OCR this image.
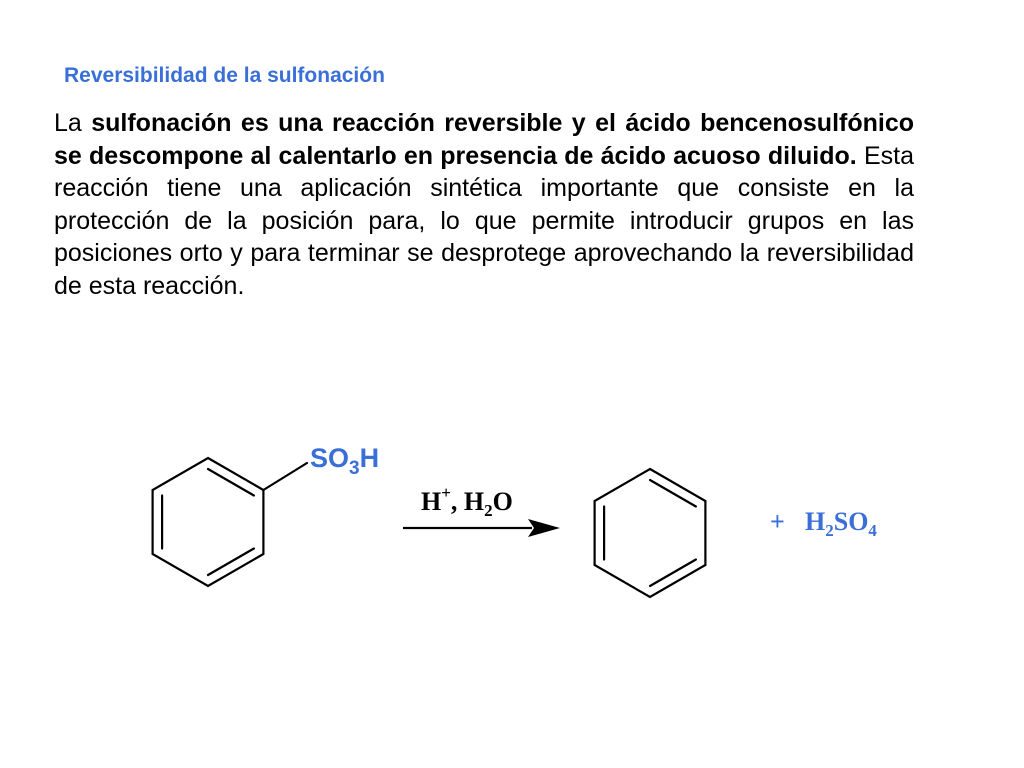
Reversibilidad de la sulfonación
La sulfonación es una reacción reversible y el ácido bencenosulfónico se descompone al calentarlo en presencia de ácido acuoso diluido. Esta reacción tiene una aplicación sintética importante que consiste en la protección de la posición para, lo que permite introducir grupos en las posiciones orto y para terminar se desprotege aprovechando la reversibilidad de esta reacción.
$SO_3H$
H+, $H_2O$
+ $H_2SO_4$
